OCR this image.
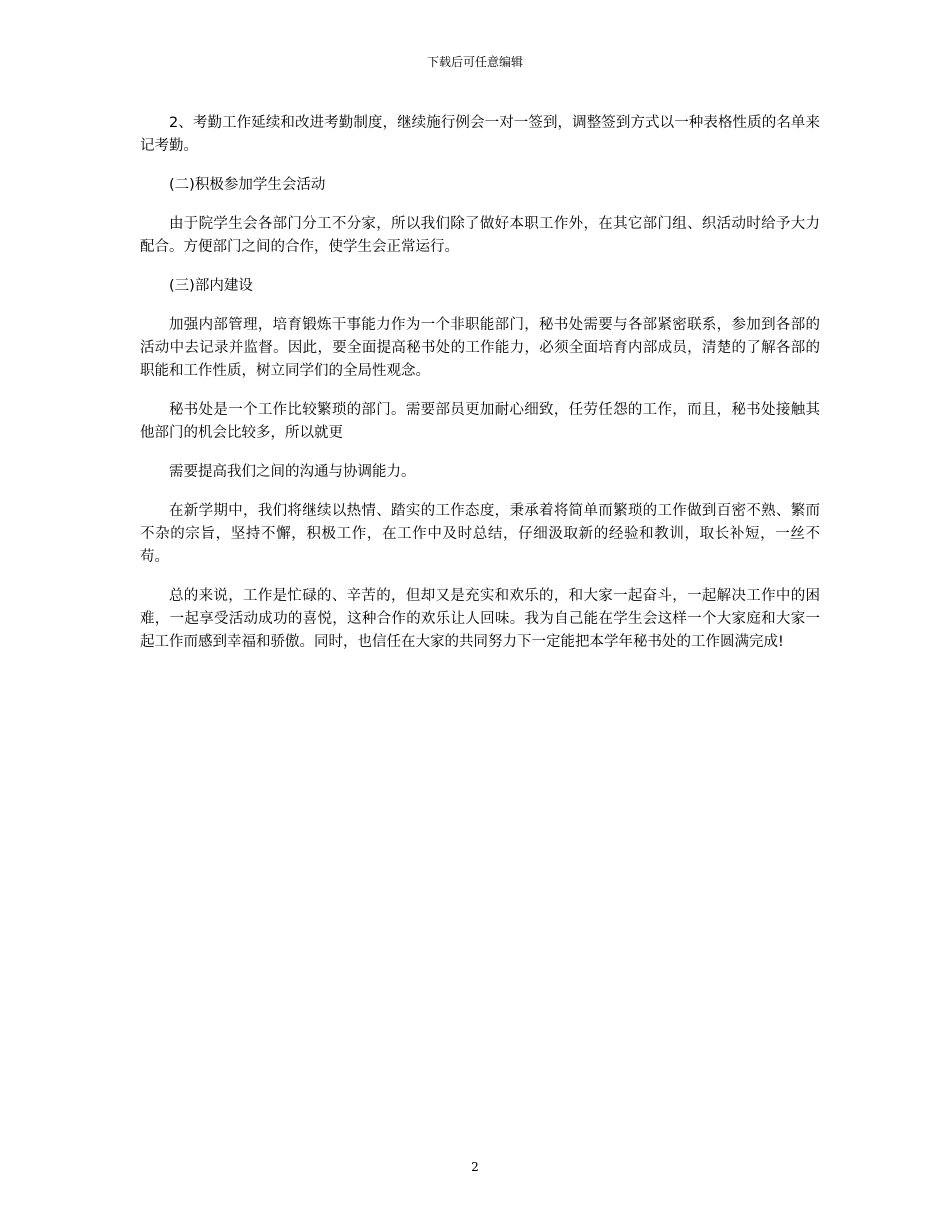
下载后可任意编辑

2、考勤工作延续和改进考勤制度，继续施行例会一对一签到，调整签到方式以一种表格性质的名单来记考勤。

(二)积极参加学生会活动

由于院学生会各部门分工不分家，所以我们除了做好本职工作外，在其它部门组、织活动时给予大力配合。方便部门之间的合作，使学生会正常运行。

(三)部内建设

加强内部管理，培育锻炼干事能力作为一个非职能部门，秘书处需要与各部紧密联系，参加到各部的活动中去记录并监督。因此，要全面提高秘书处的工作能力，必须全面培育内部成员，清楚的了解各部的职能和工作性质，树立同学们的全局性观念。

秘书处是一个工作比较繁琐的部门。需要部员更加耐心细致，任劳任怨的工作，而且，秘书处接触其他部门的机会比较多，所以就更

需要提高我们之间的沟通与协调能力。

在新学期中，我们将继续以热情、踏实的工作态度，秉承着将简单而繁琐的工作做到百密不熟、繁而不杂的宗旨，坚持不懈，积极工作，在工作中及时总结，仔细汲取新的经验和教训，取长补短，一丝不苟。

总的来说，工作是忙碌的、辛苦的，但却又是充实和欢乐的，和大家一起奋斗，一起解决工作中的困难，一起享受活动成功的喜悦，这种合作的欢乐让人回味。我为自己能在学生会这样一个大家庭和大家一起工作而感到幸福和骄傲。同时，也信任在大家的共同努力下一定能把本学年秘书处的工作圆满完成!

2
